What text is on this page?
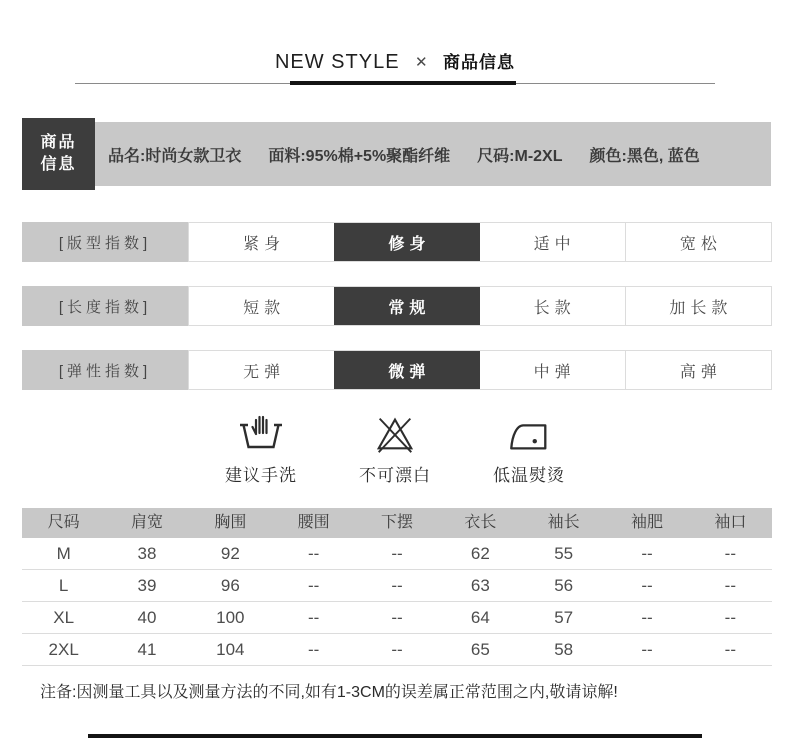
NEW STYLE ✕ 商品信息
商品
信息 品名:时尚女款卫衣 面料:95%棉+5%聚酯纤维 尺码:M-2XL 颜色:黑色, 蓝色
[版型指数]	紧身	修身	适中	宽松
[长度指数]	短款	常规	长款	加长款
[弹性指数]	无弹	微弹	中弹	高弹
建议手洗	不可漂白	低温熨烫
尺码	肩宽	胸围	腰围	下摆	衣长	袖长	袖肥	袖口
M	38	92	--	--	62	55	--	--
L	39	96	--	--	63	56	--	--
XL	40	100	--	--	64	57	--	--
2XL	41	104	--	--	65	58	--	--
注备:因测量工具以及测量方法的不同,如有1-3CM的误差属正常范围之内,敬请谅解!
